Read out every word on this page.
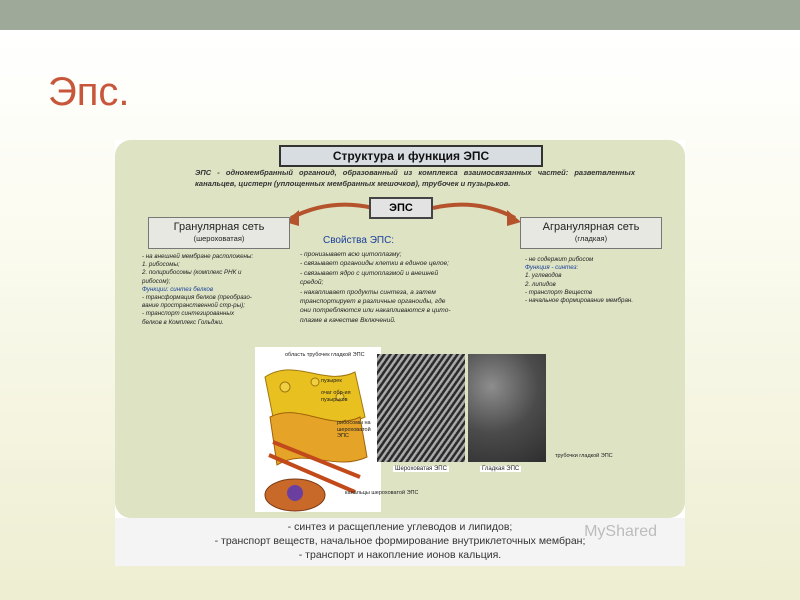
Эпс.
Структура и функция ЭПС
ЭПС - одномембранный органоид, образованный из комплекса взаимосвязанных частей: разветвленных канальцев, цистерн (уплощенных мембранных мешочков), трубочек и пузырьков.
ЭПС
Гранулярная сеть
(шероховатая)
Агранулярная сеть
(гладкая)
- на внешней мембране расположены:
1. рибосомы;
2. полирибосомы (комплекс РНК и
рибосом);
Функции: синтез белков
- трансформация белков (преобразо-
вание пространственной стр-ры);
- транспорт синтезированных
белков в Комплекс Гольджи.
Свойства ЭПС:
- пронизывает всю цитоплазму;
- связывает органоиды клетки в единое целое;
- связывает ядро с цитоплазмой и внешней
средой;
- накапливает продукты синтеза, а затем
транспортирует в различные органоиды, где
они потребляются или накапливаются в цито-
плазме в качестве Включений.
- не содержит рибосом
Функция - синтез:
1. углеводов
2. липидов
- транспорт Веществ
- начальное формирование мембран.
область трубочек гладкой ЭПС
пузырек
очаг обр-ия пузырьков
рибосомы на шероховатой ЭПС
Шероховатая ЭПС	Гладкая ЭПС
трубочки гладкой ЭПС
канальцы шероховатой ЭПС
- синтез и расщепление углеводов и липидов;
- транспорт веществ, начальное формирование внутриклеточных мембран;
- транспорт и накопление ионов кальция.
MyShared
